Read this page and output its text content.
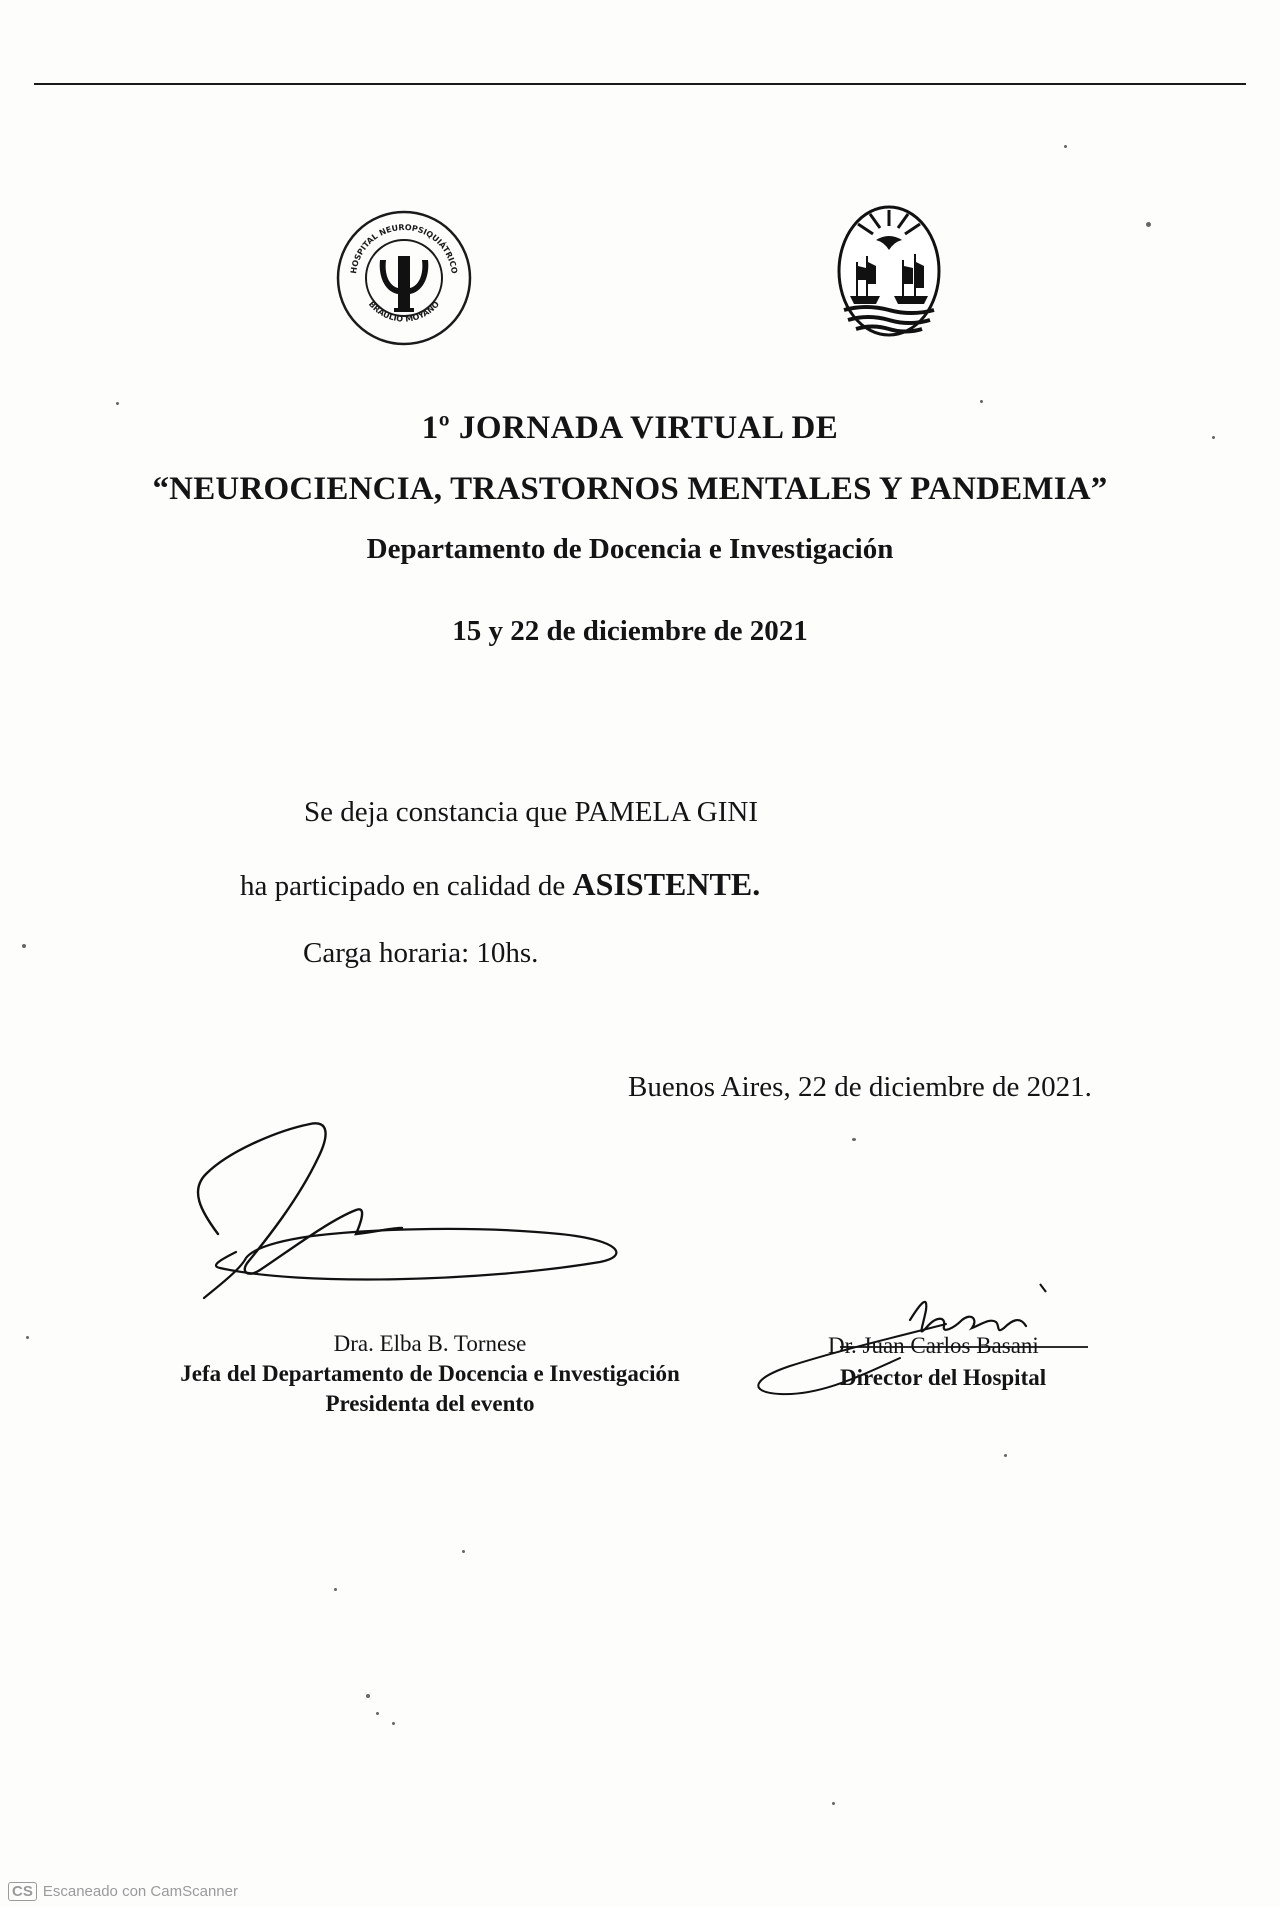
HOSPITAL NEUROPSIQUIÁTRICO
BRAULIO MOYANO
1º JORNADA VIRTUAL DE
“NEUROCIENCIA, TRASTORNOS MENTALES Y PANDEMIA”
Departamento de Docencia e Investigación
15 y 22 de diciembre de 2021
Se deja constancia que PAMELA GINI
ha participado en calidad de ASISTENTE.
Carga horaria: 10hs.
Buenos Aires, 22 de diciembre de 2021.
Dra. Elba B. Tornese
Jefa del Departamento de Docencia e Investigación
Presidenta del evento
Dr. Juan Carlos Basani
Director del Hospital
CS Escaneado con CamScanner
